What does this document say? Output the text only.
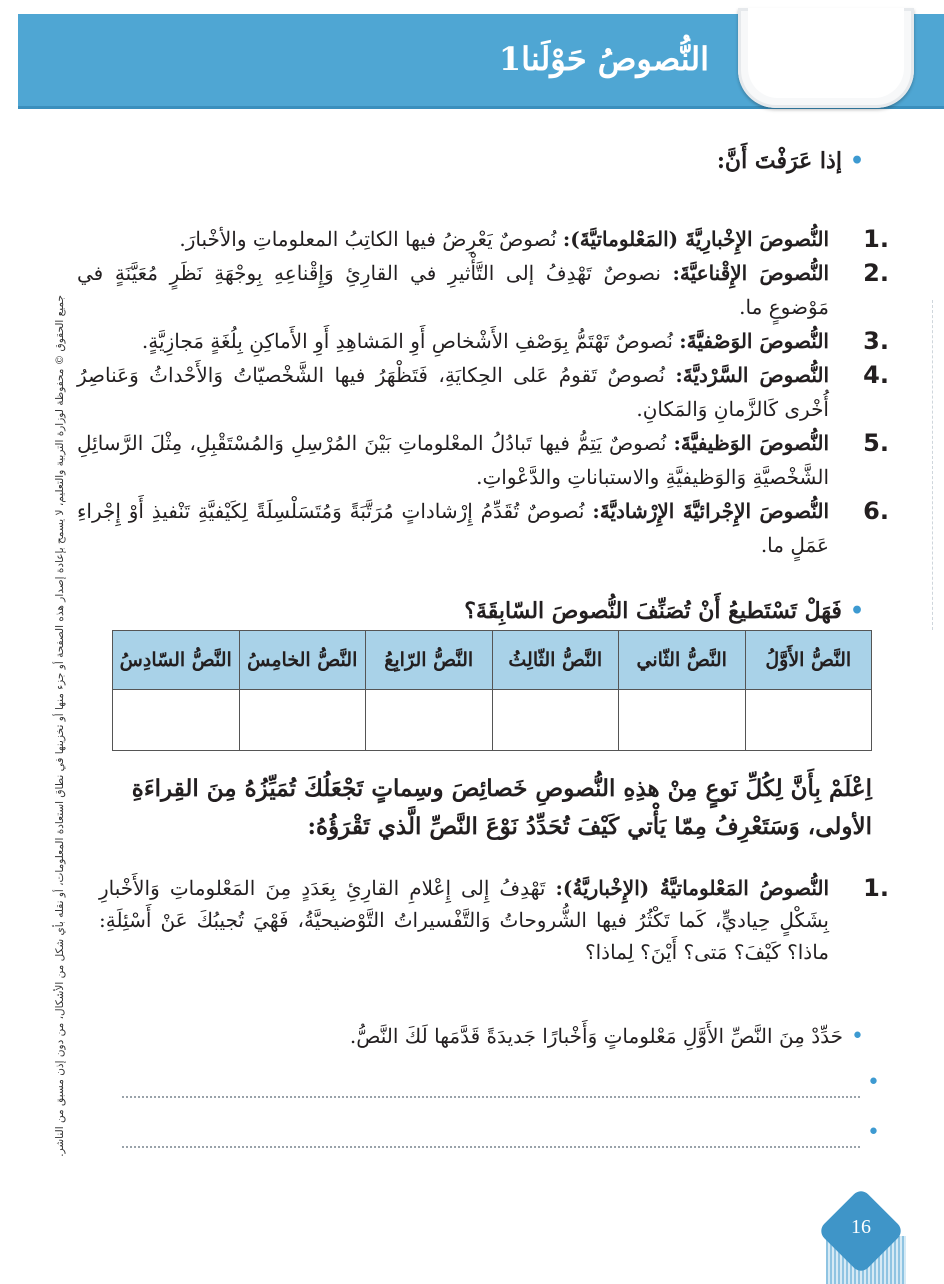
النُّصوصُ حَوْلَنا1
جميع الحقوق © محفوظة لوزارة التربية والتعليم، لا يسمح بإعادة إصدار هذه الصفحة أو جزء منها أو تخزينها في نطاق استعادة المعلومات، أو نقله بأي شكل من الأشكال، من دون إذن مسبق من الناشر.
•إذا عَرَفْتَ أَنَّ:
1.
النُّصوصَ الإِخْبارِيَّةَ (المَعْلوماتيَّةَ): نُصوصٌ يَعْرِضُ فيها الكاتِبُ المعلوماتِ والأخْبارَ.
2.
النُّصوصَ الإِقْناعيَّةَ: نصوصٌ تَهْدِفُ إلى التَّأْثيرِ في القارِئِ وَإِقْناعِهِ بِوجْهَةِ نَظَرٍ مُعَيَّنَةٍ في مَوْضوعٍ ما.
3.
النُّصوصَ الوَصْفيَّةَ: نُصوصٌ تَهْتَمُّ بِوَصْفِ الأَشْخاصِ أَوِ المَشاهِدِ أَوِ الأَماكِنِ بِلُغَةٍ مَجازِيَّةٍ.
4.
النُّصوصَ السَّرْديَّةَ: نُصوصٌ تَقومُ عَلى الحِكايَةِ، فَتَظْهَرُ فيها الشَّخْصيّاتُ وَالأَحْداثُ وَعَناصِرُ أُخْرى كَالزَّمانِ وَالمَكانِ.
5.
النُّصوصَ الوَظيفيَّةَ: نُصوصٌ يَتِمُّ فيها تَبادُلُ المعْلوماتِ بَيْنَ المُرْسِلِ وَالمُسْتَقْبِلِ، مِثْلَ الرَّسائِلِ الشَّخْصيَّةِ وَالوَظيفيَّةِ والاستباناتِ والدَّعْواتِ.
6.
النُّصوصَ الإِجْرائيَّةَ الإِرْشاديَّةَ: نُصوصٌ تُقَدِّمُ إِرْشاداتٍ مُرَتَّبَةً وَمُتَسَلْسِلَةً لِكَيْفيَّةِ تَنْفيذِ أَوْ إِجْراءِ عَمَلٍ ما.
•فَهَلْ تَسْتَطيعُ أَنْ تُصَنِّفَ النُّصوصَ السّابِقَةَ؟
النَّصُّ الأَوَّلُ	النَّصُّ الثّاني	النَّصُّ الثّالِثُ	النَّصُّ الرّابِعُ	النَّصُّ الخامِسُ	النَّصُّ السّادِسُ

اِعْلَمْ بِأَنَّ لِكُلِّ نَوعٍ مِنْ هذِهِ النُّصوصِ خَصائِصَ وسِماتٍ تَجْعَلُكَ تُمَيِّزُهُ مِنَ القِراءَةِ الأولى، وَسَتَعْرِفُ مِمّا يَأْتي كَيْفَ تُحَدِّدُ نَوْعَ النَّصِّ الَّذي تَقْرَؤُهُ:
1.
النُّصوصُ المَعْلوماتيَّةُ (الإِخْباريَّةُ): تَهْدِفُ إِلى إِعْلامِ القارِئِ بِعَدَدٍ مِنَ المَعْلوماتِ وَالأَخْبارِ بِشَكْلٍ حِياديٍّ، كَما تَكْثُرُ فيها الشُّروحاتُ وَالتَّفْسيراتُ التَّوْضيحيَّةُ، فَهْيَ تُجيبُكَ عَنْ أَسْئِلَةِ: ماذا؟ كَيْفَ؟ مَتى؟ أَيْنَ؟ لِماذا؟
•حَدِّدْ مِنَ النَّصِّ الأَوَّلِ مَعْلوماتٍ وَأَخْبارًا جَديدَةً قَدَّمَها لَكَ النَّصُّ.
•
•
16
